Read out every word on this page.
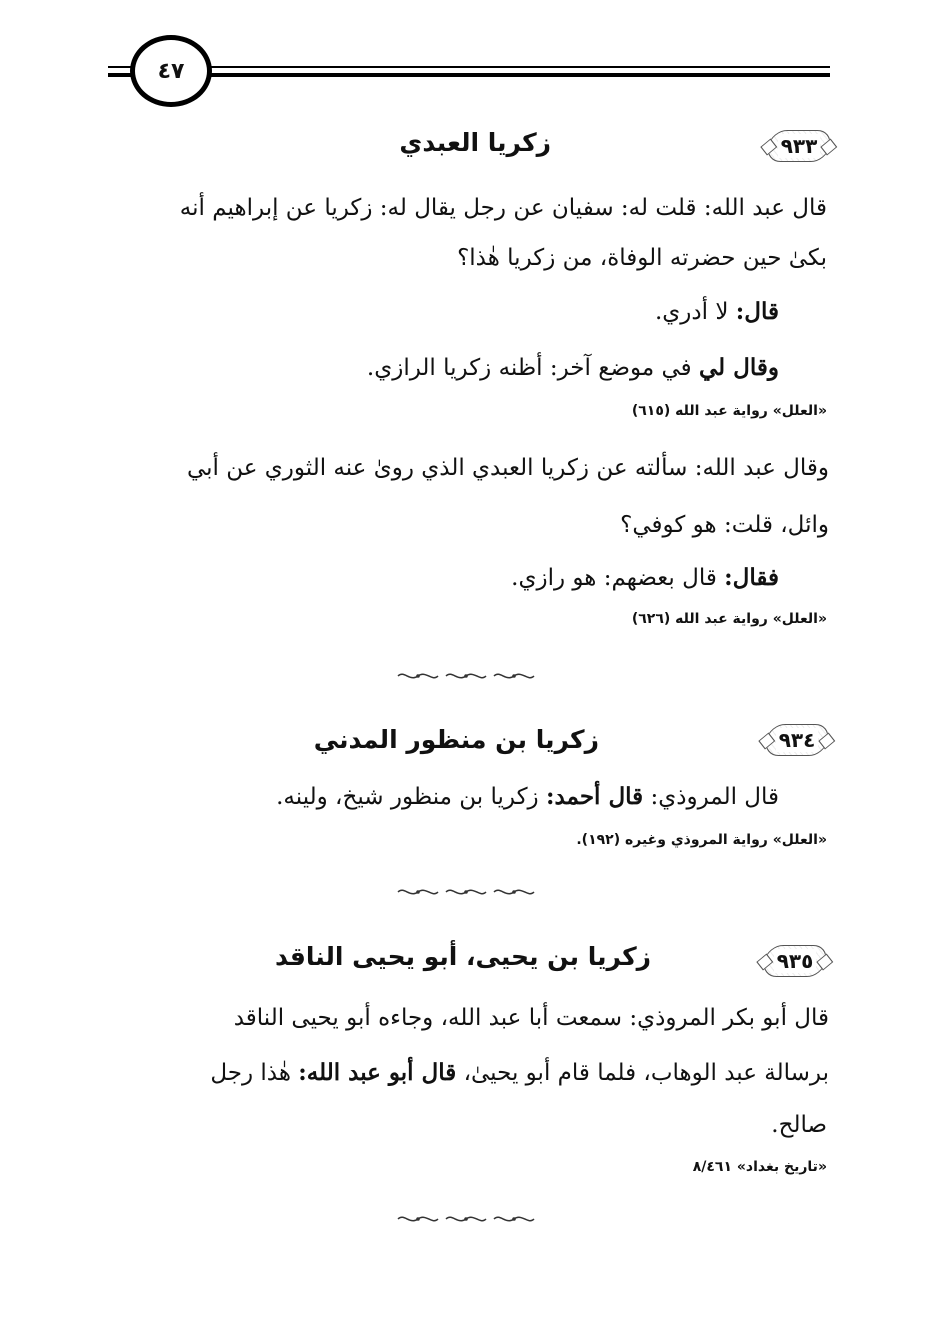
٤٧
٩٣٣
زكريا العبدي
قال عبد الله: قلت له: سفيان عن رجل يقال له: زكريا عن إبراهيم أنه
بكىٰ حين حضرته الوفاة، من زكريا هٰذا؟
قال: لا أدري.
وقال لي في موضع آخر: أظنه زكريا الرازي.
«العلل» رواية عبد الله (٦١٥)
وقال عبد الله: سألته عن زكريا العبدي الذي روىٰ عنه الثوري عن أبي
وائل، قلت: هو كوفي؟
فقال: قال بعضهم: هو رازي.
«العلل» رواية عبد الله (٦٢٦)
٩٣٤
زكريا بن منظور المدني
قال المروذي: قال أحمد: زكريا بن منظور شيخ، ولينه.
«العلل» رواية المروذي وغيره (١٩٢).
٩٣٥
زكريا بن يحيى، أبو يحيى الناقد
قال أبو بكر المروذي: سمعت أبا عبد الله، وجاءه أبو يحيى الناقد
برسالة عبد الوهاب، فلما قام أبو يحيىٰ، قال أبو عبد الله: هٰذا رجل
صالح.
«تاريخ بغداد» ٨/٤٦١
